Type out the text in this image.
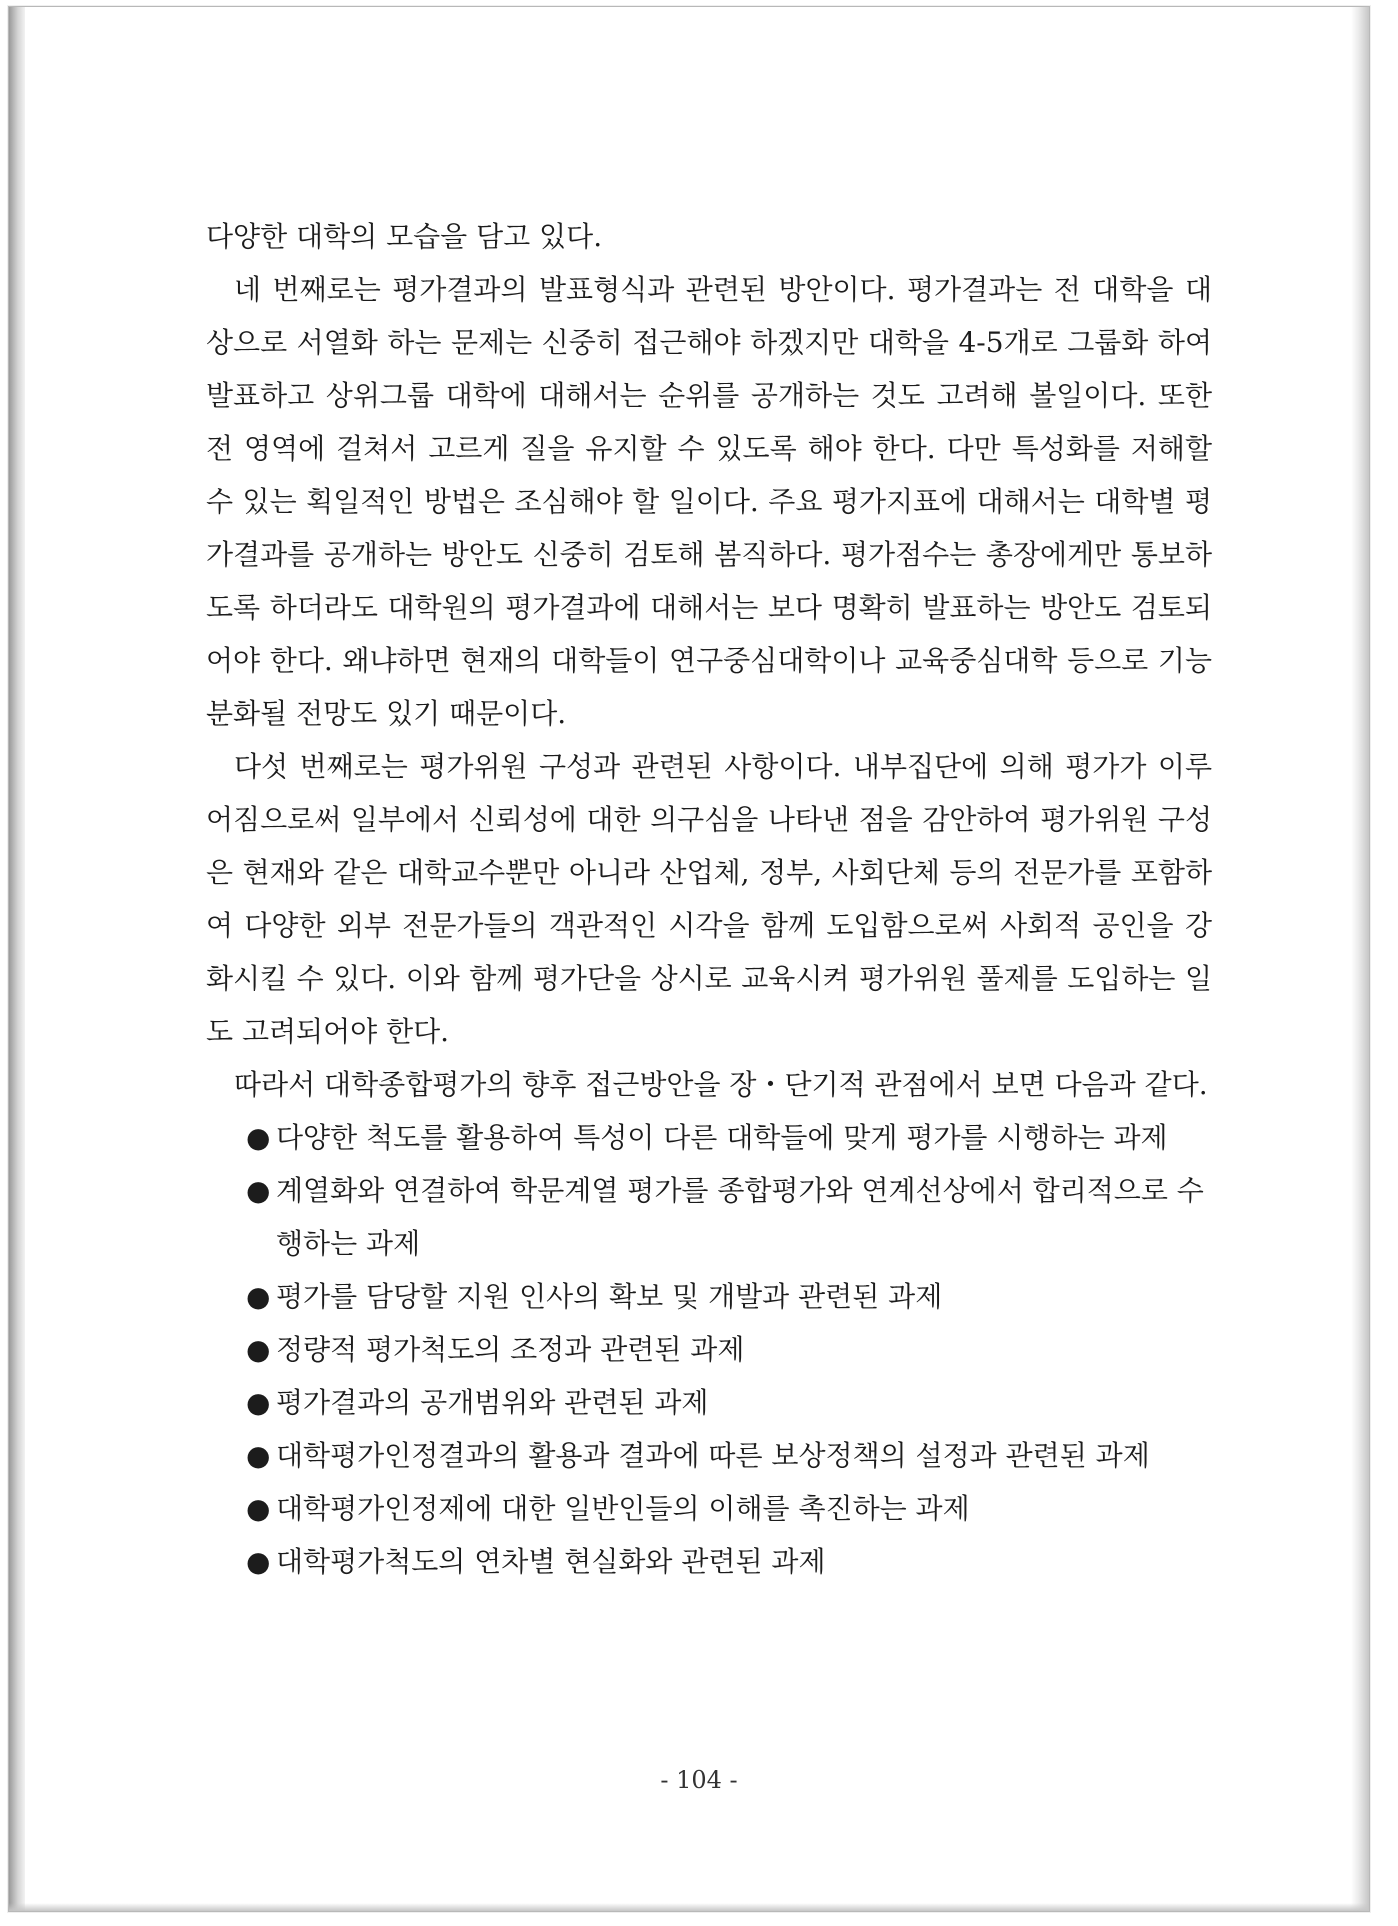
다양한 대학의 모습을 담고 있다.

네 번째로는 평가결과의 발표형식과 관련된 방안이다. 평가결과는 전 대학을 대상으로 서열화 하는 문제는 신중히 접근해야 하겠지만 대학을 4-5개로 그룹화 하여 발표하고 상위그룹 대학에 대해서는 순위를 공개하는 것도 고려해 볼일이다. 또한 전 영역에 걸쳐서 고르게 질을 유지할 수 있도록 해야 한다. 다만 특성화를 저해할 수 있는 획일적인 방법은 조심해야 할 일이다. 주요 평가지표에 대해서는 대학별 평가결과를 공개하는 방안도 신중히 검토해 봄직하다. 평가점수는 총장에게만 통보하도록 하더라도 대학원의 평가결과에 대해서는 보다 명확히 발표하는 방안도 검토되어야 한다. 왜냐하면 현재의 대학들이 연구중심대학이나 교육중심대학 등으로 기능 분화될 전망도 있기 때문이다.

다섯 번째로는 평가위원 구성과 관련된 사항이다. 내부집단에 의해 평가가 이루어짐으로써 일부에서 신뢰성에 대한 의구심을 나타낸 점을 감안하여 평가위원 구성은 현재와 같은 대학교수뿐만 아니라 산업체, 정부, 사회단체 등의 전문가를 포함하여 다양한 외부 전문가들의 객관적인 시각을 함께 도입함으로써 사회적 공인을 강화시킬 수 있다. 이와 함께 평가단을 상시로 교육시켜 평가위원 풀제를 도입하는 일도 고려되어야 한다.

따라서 대학종합평가의 향후 접근방안을 장・단기적 관점에서 보면 다음과 같다.

● 다양한 척도를 활용하여 특성이 다른 대학들에 맞게 평가를 시행하는 과제
● 계열화와 연결하여 학문계열 평가를 종합평가와 연계선상에서 합리적으로 수행하는 과제
● 평가를 담당할 지원 인사의 확보 및 개발과 관련된 과제
● 정량적 평가척도의 조정과 관련된 과제
● 평가결과의 공개범위와 관련된 과제
● 대학평가인정결과의 활용과 결과에 따른 보상정책의 설정과 관련된 과제
● 대학평가인정제에 대한 일반인들의 이해를 촉진하는 과제
● 대학평가척도의 연차별 현실화와 관련된 과제
- 104 -
